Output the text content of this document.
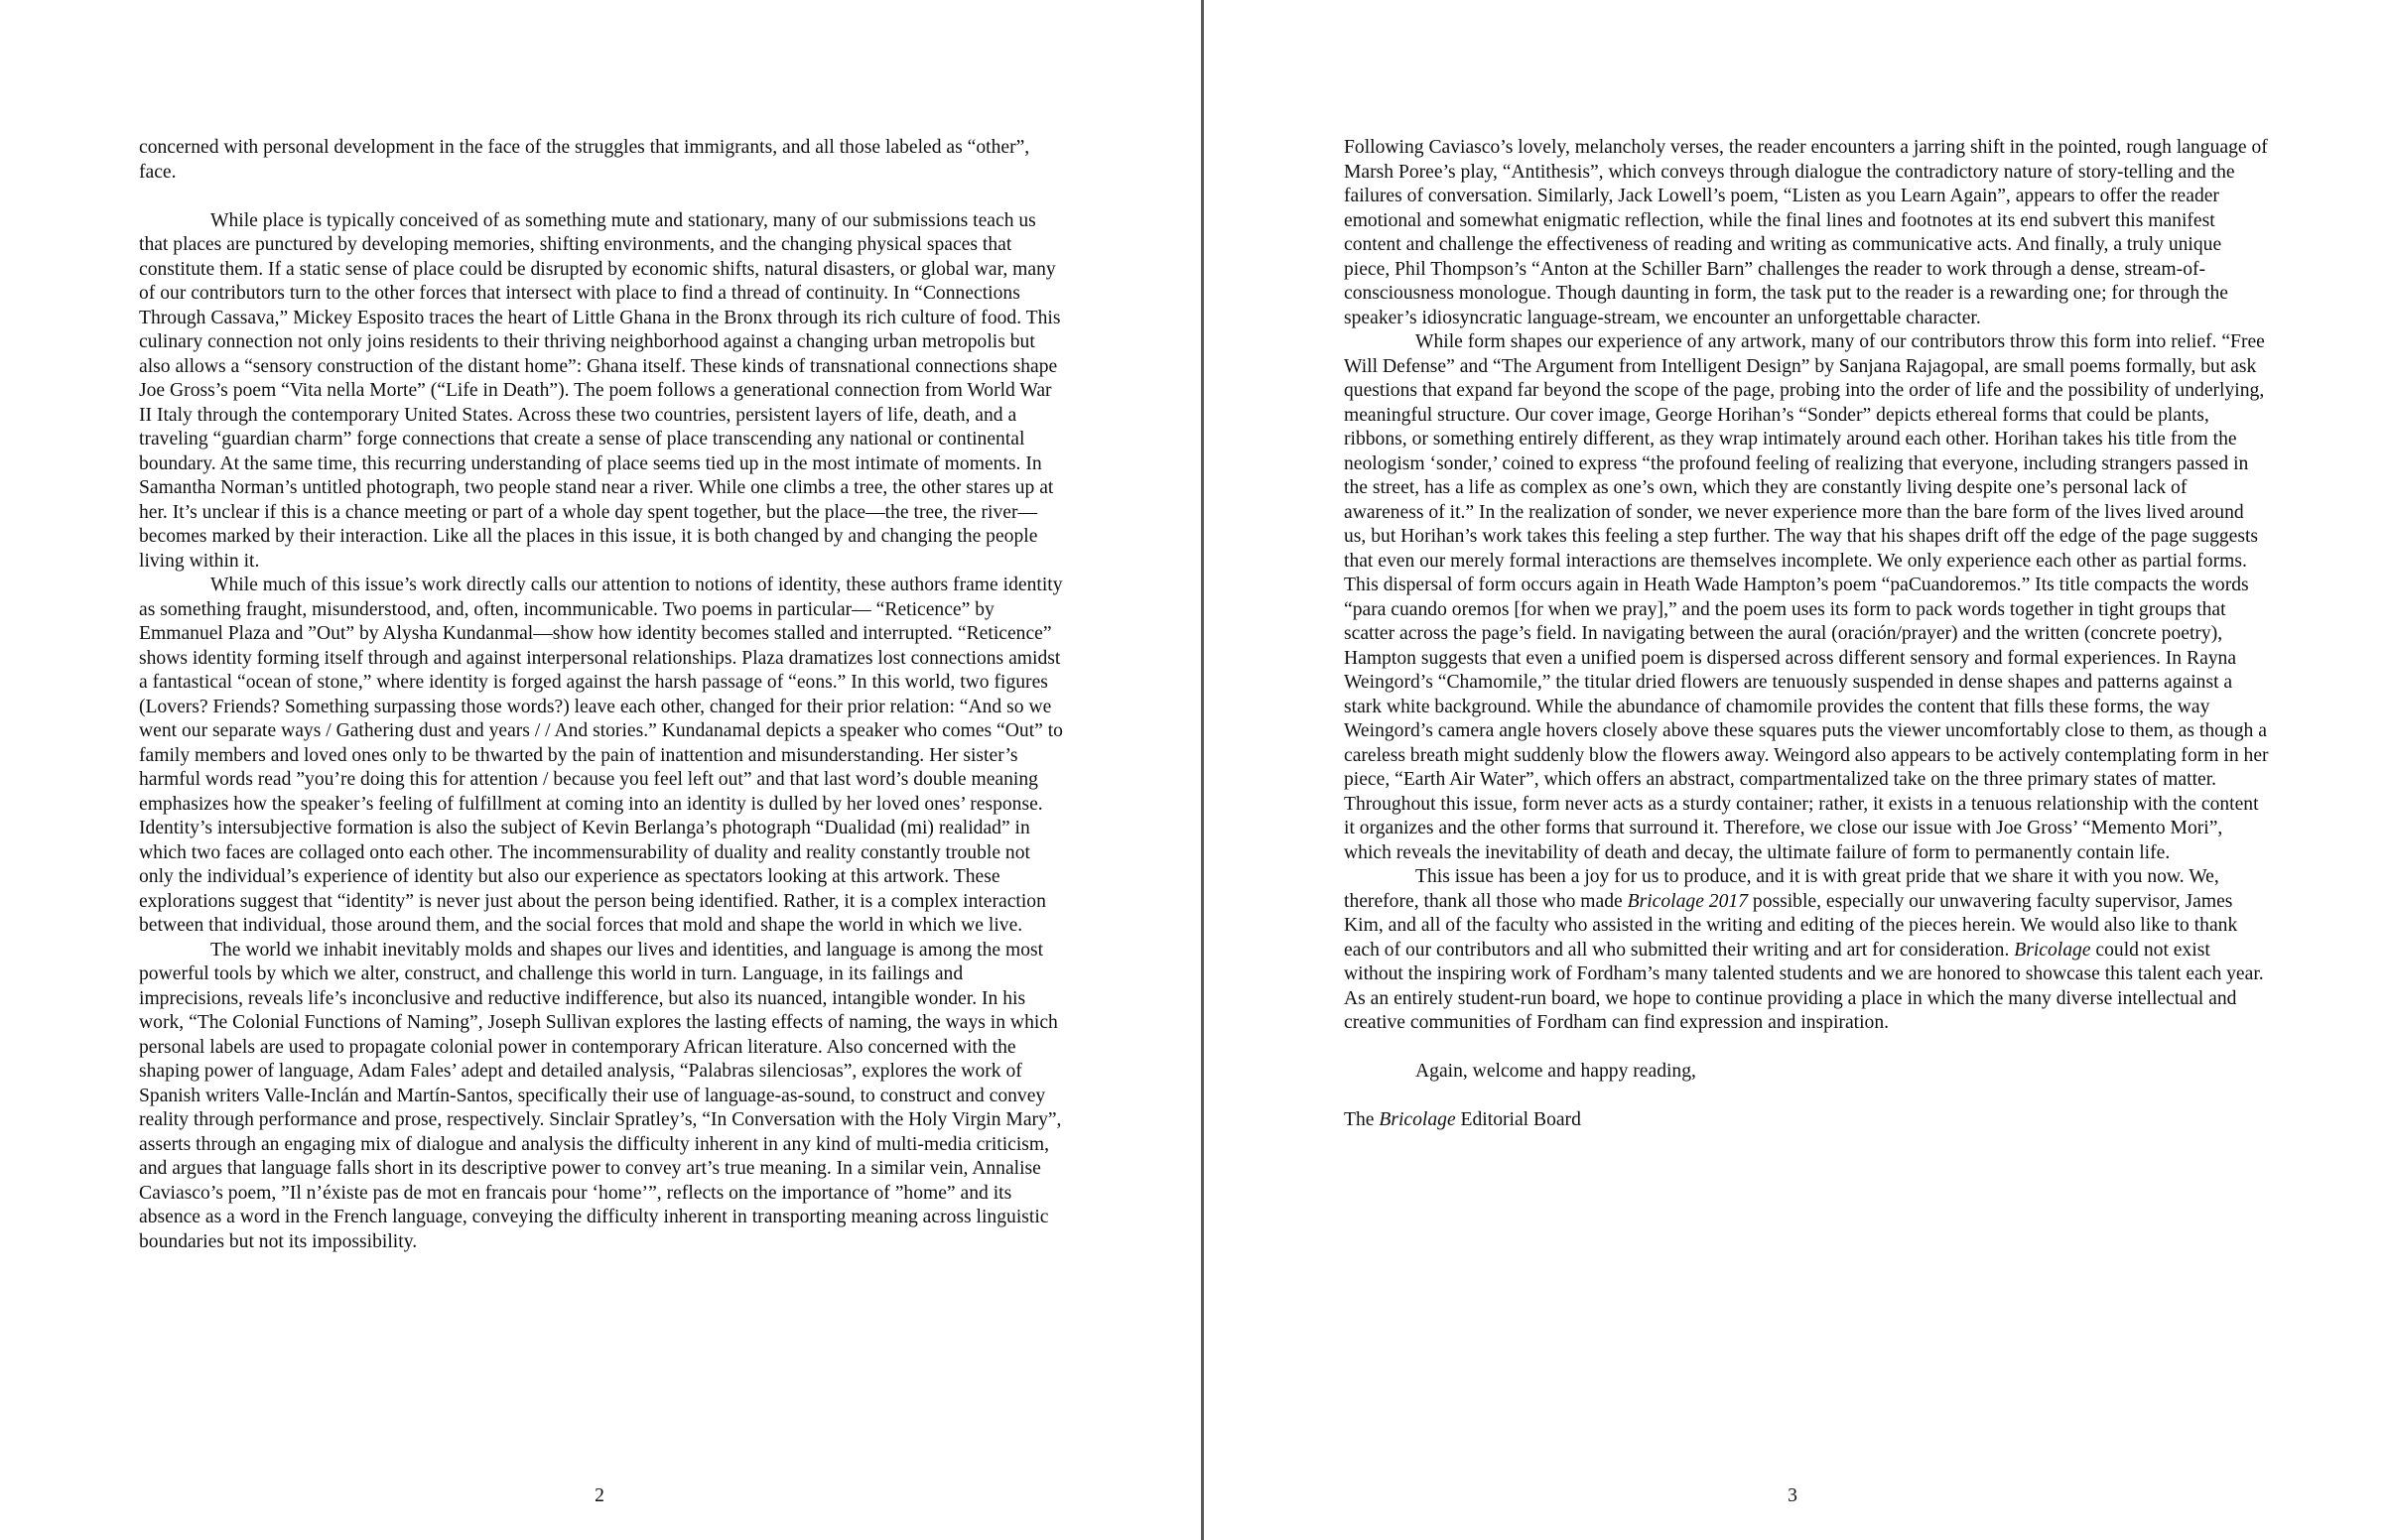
concerned with personal development in the face of the struggles that immigrants, and all those labeled as “other”, face.

While place is typically conceived of as something mute and stationary, many of our submissions teach us that places are punctured by developing memories, shifting environments, and the changing physical spaces that constitute them. If a static sense of place could be disrupted by economic shifts, natural disasters, or global war, many of our contributors turn to the other forces that intersect with place to find a thread of continuity. In “Connections Through Cassava,” Mickey Esposito traces the heart of Little Ghana in the Bronx through its rich culture of food. This culinary connection not only joins residents to their thriving neighborhood against a changing urban metropolis but also allows a “sensory construction of the distant home”: Ghana itself. These kinds of transnational connections shape Joe Gross’s poem “Vita nella Morte” (“Life in Death”). The poem follows a generational connection from World War II Italy through the contemporary United States. Across these two countries, persistent layers of life, death, and a traveling “guardian charm” forge connections that create a sense of place transcending any national or continental boundary. At the same time, this recurring understanding of place seems tied up in the most intimate of moments. In Samantha Norman’s untitled photograph, two people stand near a river. While one climbs a tree, the other stares up at her. It’s unclear if this is a chance meeting or part of a whole day spent together, but the place—the tree, the river—becomes marked by their interaction. Like all the places in this issue, it is both changed by and changing the people living within it.

While much of this issue’s work directly calls our attention to notions of identity, these authors frame identity as something fraught, misunderstood, and, often, incommunicable. Two poems in particular— “Reticence” by Emmanuel Plaza and ”Out” by Alysha Kundanmal—show how identity becomes stalled and interrupted. “Reticence” shows identity forming itself through and against interpersonal relationships. Plaza dramatizes lost connections amidst a fantastical “ocean of stone,” where identity is forged against the harsh passage of “eons.” In this world, two figures (Lovers? Friends? Something surpassing those words?) leave each other, changed for their prior relation: “And so we went our separate ways / Gathering dust and years / / And stories.” Kundanamal depicts a speaker who comes “Out” to family members and loved ones only to be thwarted by the pain of inattention and misunderstanding. Her sister’s harmful words read ”you’re doing this for attention / because you feel left out” and that last word’s double meaning emphasizes how the speaker’s feeling of fulfillment at coming into an identity is dulled by her loved ones’ response. Identity’s intersubjective formation is also the subject of Kevin Berlanga’s photograph “Dualidad (mi) realidad” in which two faces are collaged onto each other. The incommensurability of duality and reality constantly trouble not only the individual’s experience of identity but also our experience as spectators looking at this artwork. These explorations suggest that “identity” is never just about the person being identified. Rather, it is a complex interaction between that individual, those around them, and the social forces that mold and shape the world in which we live.

The world we inhabit inevitably molds and shapes our lives and identities, and language is among the most powerful tools by which we alter, construct, and challenge this world in turn. Language, in its failings and imprecisions, reveals life’s inconclusive and reductive indifference, but also its nuanced, intangible wonder. In his work, “The Colonial Functions of Naming”, Joseph Sullivan explores the lasting effects of naming, the ways in which personal labels are used to propagate colonial power in contemporary African literature. Also concerned with the shaping power of language, Adam Fales’ adept and detailed analysis, “Palabras silenciosas”, explores the work of Spanish writers Valle-Inclán and Martín-Santos, specifically their use of language-as-sound, to construct and convey reality through performance and prose, respectively. Sinclair Spratley’s, “In Conversation with the Holy Virgin Mary”, asserts through an engaging mix of dialogue and analysis the difficulty inherent in any kind of multi-media criticism, and argues that language falls short in its descriptive power to convey art’s true meaning. In a similar vein, Annalise Caviasco’s poem, ”Il n’éxiste pas de mot en francais pour ‘home’”, reflects on the importance of ”home” and its absence as a word in the French language, conveying the difficulty inherent in transporting meaning across linguistic boundaries but not its impossibility.

2

Following Caviasco’s lovely, melancholy verses, the reader encounters a jarring shift in the pointed, rough language of Marsh Poree’s play, “Antithesis”, which conveys through dialogue the contradictory nature of story-telling and the failures of conversation. Similarly, Jack Lowell’s poem, “Listen as you Learn Again”, appears to offer the reader emotional and somewhat enigmatic reflection, while the final lines and footnotes at its end subvert this manifest content and challenge the effectiveness of reading and writing as communicative acts. And finally, a truly unique piece, Phil Thompson’s “Anton at the Schiller Barn” challenges the reader to work through a dense, stream-of-consciousness monologue. Though daunting in form, the task put to the reader is a rewarding one; for through the speaker’s idiosyncratic language-stream, we encounter an unforgettable character.

While form shapes our experience of any artwork, many of our contributors throw this form into relief. “Free Will Defense” and “The Argument from Intelligent Design” by Sanjana Rajagopal, are small poems formally, but ask questions that expand far beyond the scope of the page, probing into the order of life and the possibility of underlying, meaningful structure. Our cover image, George Horihan’s “Sonder” depicts ethereal forms that could be plants, ribbons, or something entirely different, as they wrap intimately around each other. Horihan takes his title from the neologism ‘sonder,’ coined to express “the profound feeling of realizing that everyone, including strangers passed in the street, has a life as complex as one’s own, which they are constantly living despite one’s personal lack of awareness of it.” In the realization of sonder, we never experience more than the bare form of the lives lived around us, but Horihan’s work takes this feeling a step further. The way that his shapes drift off the edge of the page suggests that even our merely formal interactions are themselves incomplete. We only experience each other as partial forms. This dispersal of form occurs again in Heath Wade Hampton’s poem “paCuandoremos.” Its title compacts the words “para cuando oremos [for when we pray],” and the poem uses its form to pack words together in tight groups that scatter across the page’s field. In navigating between the aural (oración/prayer) and the written (concrete poetry), Hampton suggests that even a unified poem is dispersed across different sensory and formal experiences. In Rayna Weingord’s “Chamomile,” the titular dried flowers are tenuously suspended in dense shapes and patterns against a stark white background. While the abundance of chamomile provides the content that fills these forms, the way Weingord’s camera angle hovers closely above these squares puts the viewer uncomfortably close to them, as though a careless breath might suddenly blow the flowers away. Weingord also appears to be actively contemplating form in her piece, “Earth Air Water”, which offers an abstract, compartmentalized take on the three primary states of matter. Throughout this issue, form never acts as a sturdy container; rather, it exists in a tenuous relationship with the content it organizes and the other forms that surround it. Therefore, we close our issue with Joe Gross’ “Memento Mori”, which reveals the inevitability of death and decay, the ultimate failure of form to permanently contain life.

This issue has been a joy for us to produce, and it is with great pride that we share it with you now. We, therefore, thank all those who made Bricolage 2017 possible, especially our unwavering faculty supervisor, James Kim, and all of the faculty who assisted in the writing and editing of the pieces herein. We would also like to thank each of our contributors and all who submitted their writing and art for consideration. Bricolage could not exist without the inspiring work of Fordham’s many talented students and we are honored to showcase this talent each year. As an entirely student-run board, we hope to continue providing a place in which the many diverse intellectual and creative communities of Fordham can find expression and inspiration.

Again, welcome and happy reading,

The Bricolage Editorial Board

3
